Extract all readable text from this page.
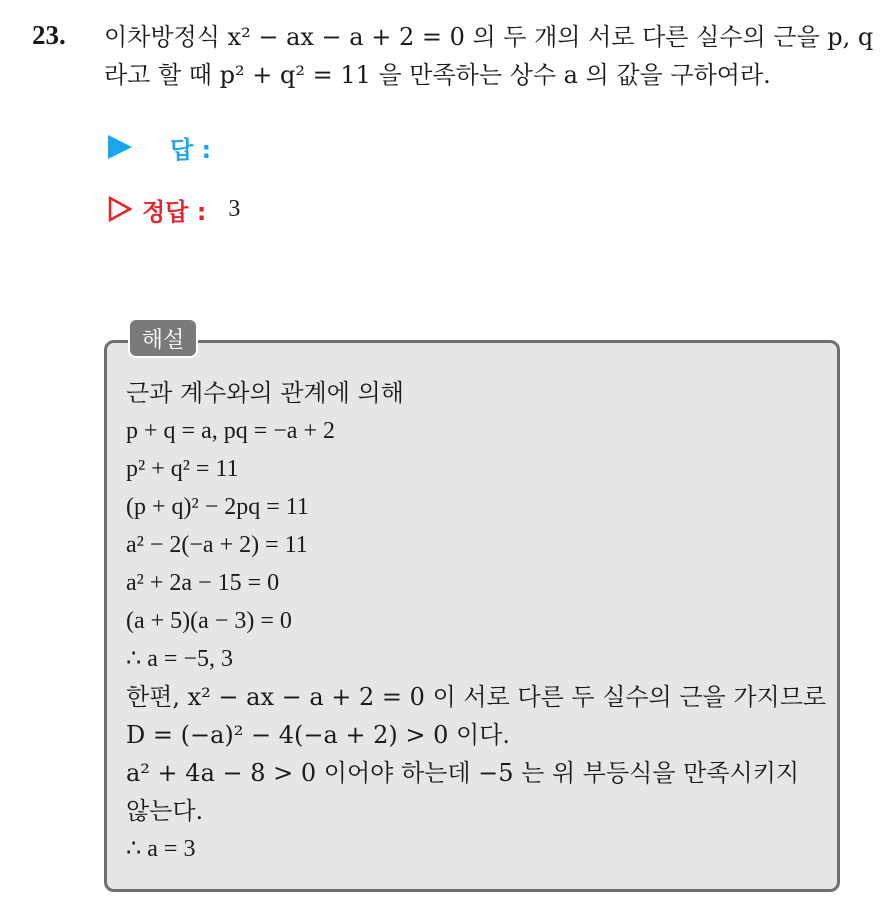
23. 이차방정식 x² − ax − a + 2 = 0 의 두 개의 서로 다른 실수의 근을 p, q
라고 할 때 p² + q² = 11 을 만족하는 상수 a 의 값을 구하여라.
답 :
정답 : 3
해설
근과 계수와의 관계에 의해
p + q = a, pq = −a + 2
p² + q² = 11
(p + q)² − 2pq = 11
a² − 2(−a + 2) = 11
a² + 2a − 15 = 0
(a + 5)(a − 3) = 0
∴ a = −5, 3
한편, x² − ax − a + 2 = 0 이 서로 다른 두 실수의 근을 가지므로
D = (−a)² − 4(−a + 2) > 0 이다.
a² + 4a − 8 > 0 이어야 하는데 −5 는 위 부등식을 만족시키지
않는다.
∴ a = 3
